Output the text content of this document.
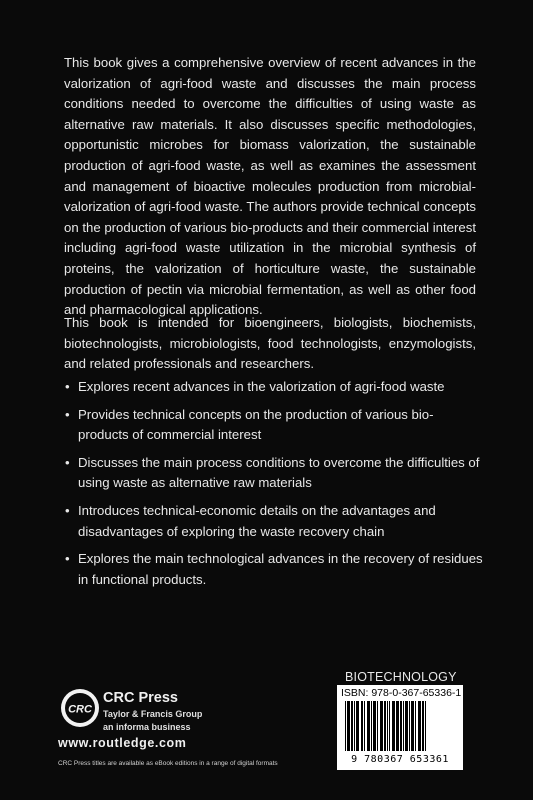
This book gives a comprehensive overview of recent advances in the valorization of agri-food waste and discusses the main process conditions needed to overcome the difficulties of using waste as alternative raw materials. It also discusses specific methodologies, opportunistic microbes for biomass valorization, the sustainable production of agri-food waste, as well as examines the assessment and management of bioactive molecules production from microbial-valorization of agri-food waste. The authors provide technical concepts on the production of various bio-products and their commercial interest including agri-food waste utilization in the microbial synthesis of proteins, the valorization of horticulture waste, the sustainable production of pectin via microbial fermentation, as well as other food and pharmacological applications.

This book is intended for bioengineers, biologists, biochemists, biotechnologists, microbiologists, food technologists, enzymologists, and related professionals and researchers.

• Explores recent advances in the valorization of agri-food waste
• Provides technical concepts on the production of various bio-products of commercial interest
• Discusses the main process conditions to overcome the difficulties of using waste as alternative raw materials
• Introduces technical-economic details on the advantages and disadvantages of exploring the waste recovery chain
• Explores the main technological advances in the recovery of residues in functional products.
BIOTECHNOLOGY
ISBN: 978-0-367-65336-1
9 780367 653361
CRC
CRC Press
Taylor & Francis Group
an informa business
www.routledge.com
CRC Press titles are available as eBook editions in a range of digital formats
